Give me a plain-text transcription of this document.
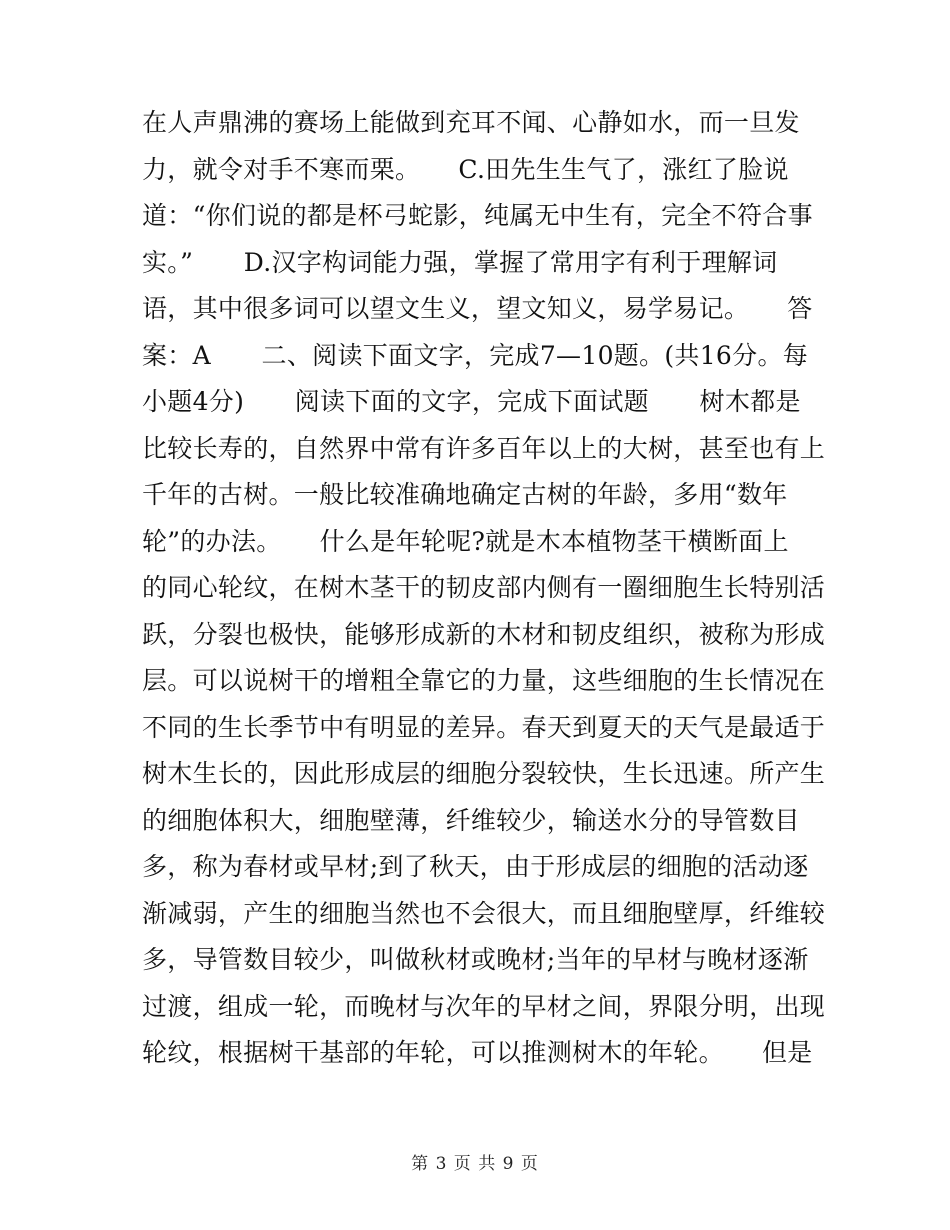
在人声鼎沸的赛场上能做到充耳不闻、心静如水，而一旦发
力，就令对手不寒而栗。　　C.田先生生气了，涨红了脸说
道：“你们说的都是杯弓蛇影，纯属无中生有，完全不符合事
实。”　　D.汉字构词能力强，掌握了常用字有利于理解词
语，其中很多词可以望文生义，望文知义，易学易记。　　答
案：A　　二、阅读下面文字，完成7—10题。(共16分。每
小题4分)　　阅读下面的文字，完成下面试题　　树木都是
比较长寿的，自然界中常有许多百年以上的大树，甚至也有上
千年的古树。一般比较准确地确定古树的年龄，多用“数年
轮”的办法。　　什么是年轮呢?就是木本植物茎干横断面上
的同心轮纹，在树木茎干的韧皮部内侧有一圈细胞生长特别活
跃，分裂也极快，能够形成新的木材和韧皮组织，被称为形成
层。可以说树干的增粗全靠它的力量，这些细胞的生长情况在
不同的生长季节中有明显的差异。春天到夏天的天气是最适于
树木生长的，因此形成层的细胞分裂较快，生长迅速。所产生
的细胞体积大，细胞壁薄，纤维较少，输送水分的导管数目
多，称为春材或早材;到了秋天，由于形成层的细胞的活动逐
渐减弱，产生的细胞当然也不会很大，而且细胞壁厚，纤维较
多，导管数目较少，叫做秋材或晚材;当年的早材与晚材逐渐
过渡，组成一轮，而晚材与次年的早材之间，界限分明，出现
轮纹，根据树干基部的年轮，可以推测树木的年轮。　　但是
第 3 页 共 9 页
